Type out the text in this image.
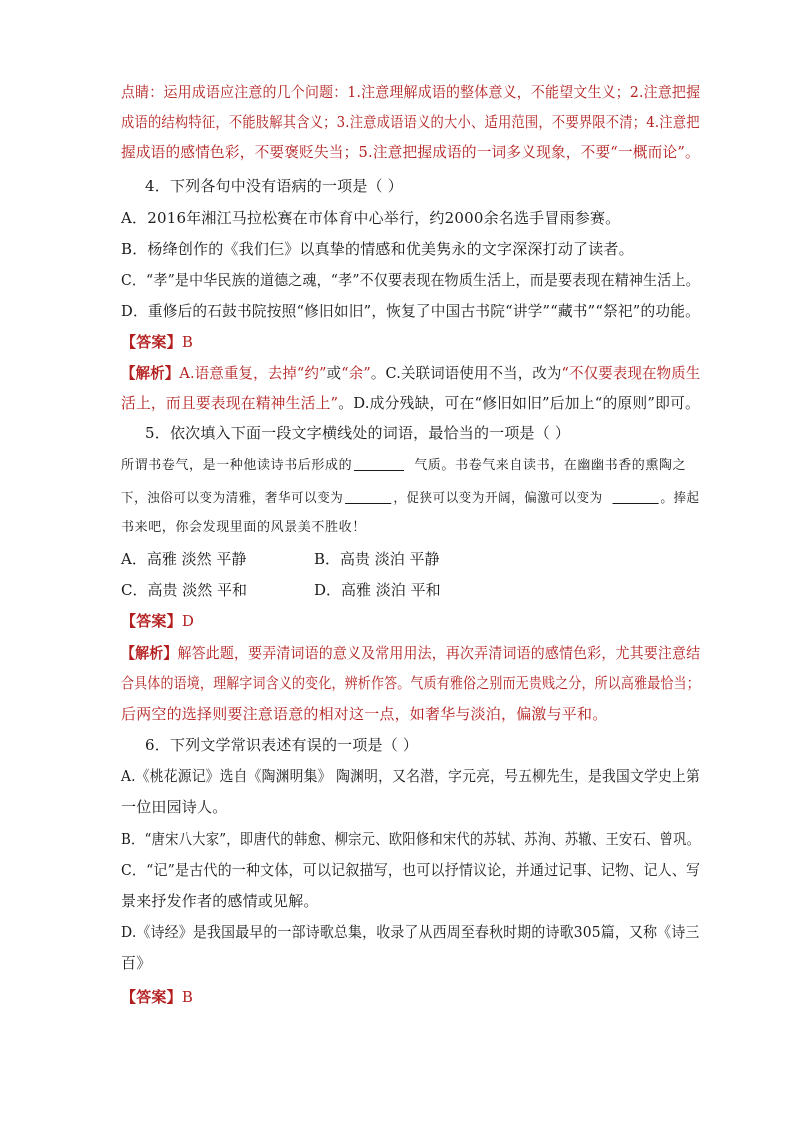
点睛：运用成语应注意的几个问题：1.注意理解成语的整体意义，不能望文生义；2.注意把握
成语的结构特征，不能肢解其含义；3.注意成语语义的大小、适用范围，不要界限不清；4.注意把
握成语的感情色彩，不要褒贬失当；5.注意把握成语的一词多义现象，不要“一概而论”。
4．下列各句中没有语病的一项是（ ）
A．2016年湘江马拉松赛在市体育中心举行，约2000余名选手冒雨参赛。
B．杨绛创作的《我们仨》以真挚的情感和优美隽永的文字深深打动了读者。
C．“孝”是中华民族的道德之魂，“孝”不仅要表现在物质生活上，而是要表现在精神生活上。
D．重修后的石鼓书院按照“修旧如旧”，恢复了中国古书院“讲学”“藏书”“祭祀”的功能。
【答案】B
【解析】A.语意重复，去掉“约”或“余”。C.关联词语使用不当，改为“不仅要表现在物质生
活上，而且要表现在精神生活上”。D.成分残缺，可在“修旧如旧”后加上“的原则”即可。
5．依次填入下面一段文字横线处的词语，最恰当的一项是（ ）
所谓书卷气，是一种他读诗书后形成的	气质。书卷气来自读书，在幽幽书香的熏陶之
下，浊俗可以变为清雅，奢华可以变为	，促狭可以变为开阔，偏激可以变为	。捧起
书来吧，你会发现里面的风景美不胜收！
A．高雅 淡然 平静	B．高贵 淡泊 平静
C．高贵 淡然 平和	D．高雅 淡泊 平和
【答案】D
【解析】解答此题，要弄清词语的意义及常用用法，再次弄清词语的感情色彩，尤其要注意结
合具体的语境，理解字词含义的变化，辨析作答。气质有雅俗之别而无贵贱之分，所以高雅最恰当；
后两空的选择则要注意语意的相对这一点，如奢华与淡泊，偏激与平和。
6．下列文学常识表述有误的一项是（ ）
A.《桃花源记》选自《陶渊明集》 陶渊明，又名潜，字元亮，号五柳先生，是我国文学史上第
一位田园诗人。
B．“唐宋八大家”，即唐代的韩愈、柳宗元、欧阳修和宋代的苏轼、苏洵、苏辙、王安石、曾巩。
C．“记”是古代的一种文体，可以记叙描写，也可以抒情议论，并通过记事、记物、记人、写
景来抒发作者的感情或见解。
D.《诗经》是我国最早的一部诗歌总集，收录了从西周至春秋时期的诗歌305篇，又称《诗三
百》
【答案】B
